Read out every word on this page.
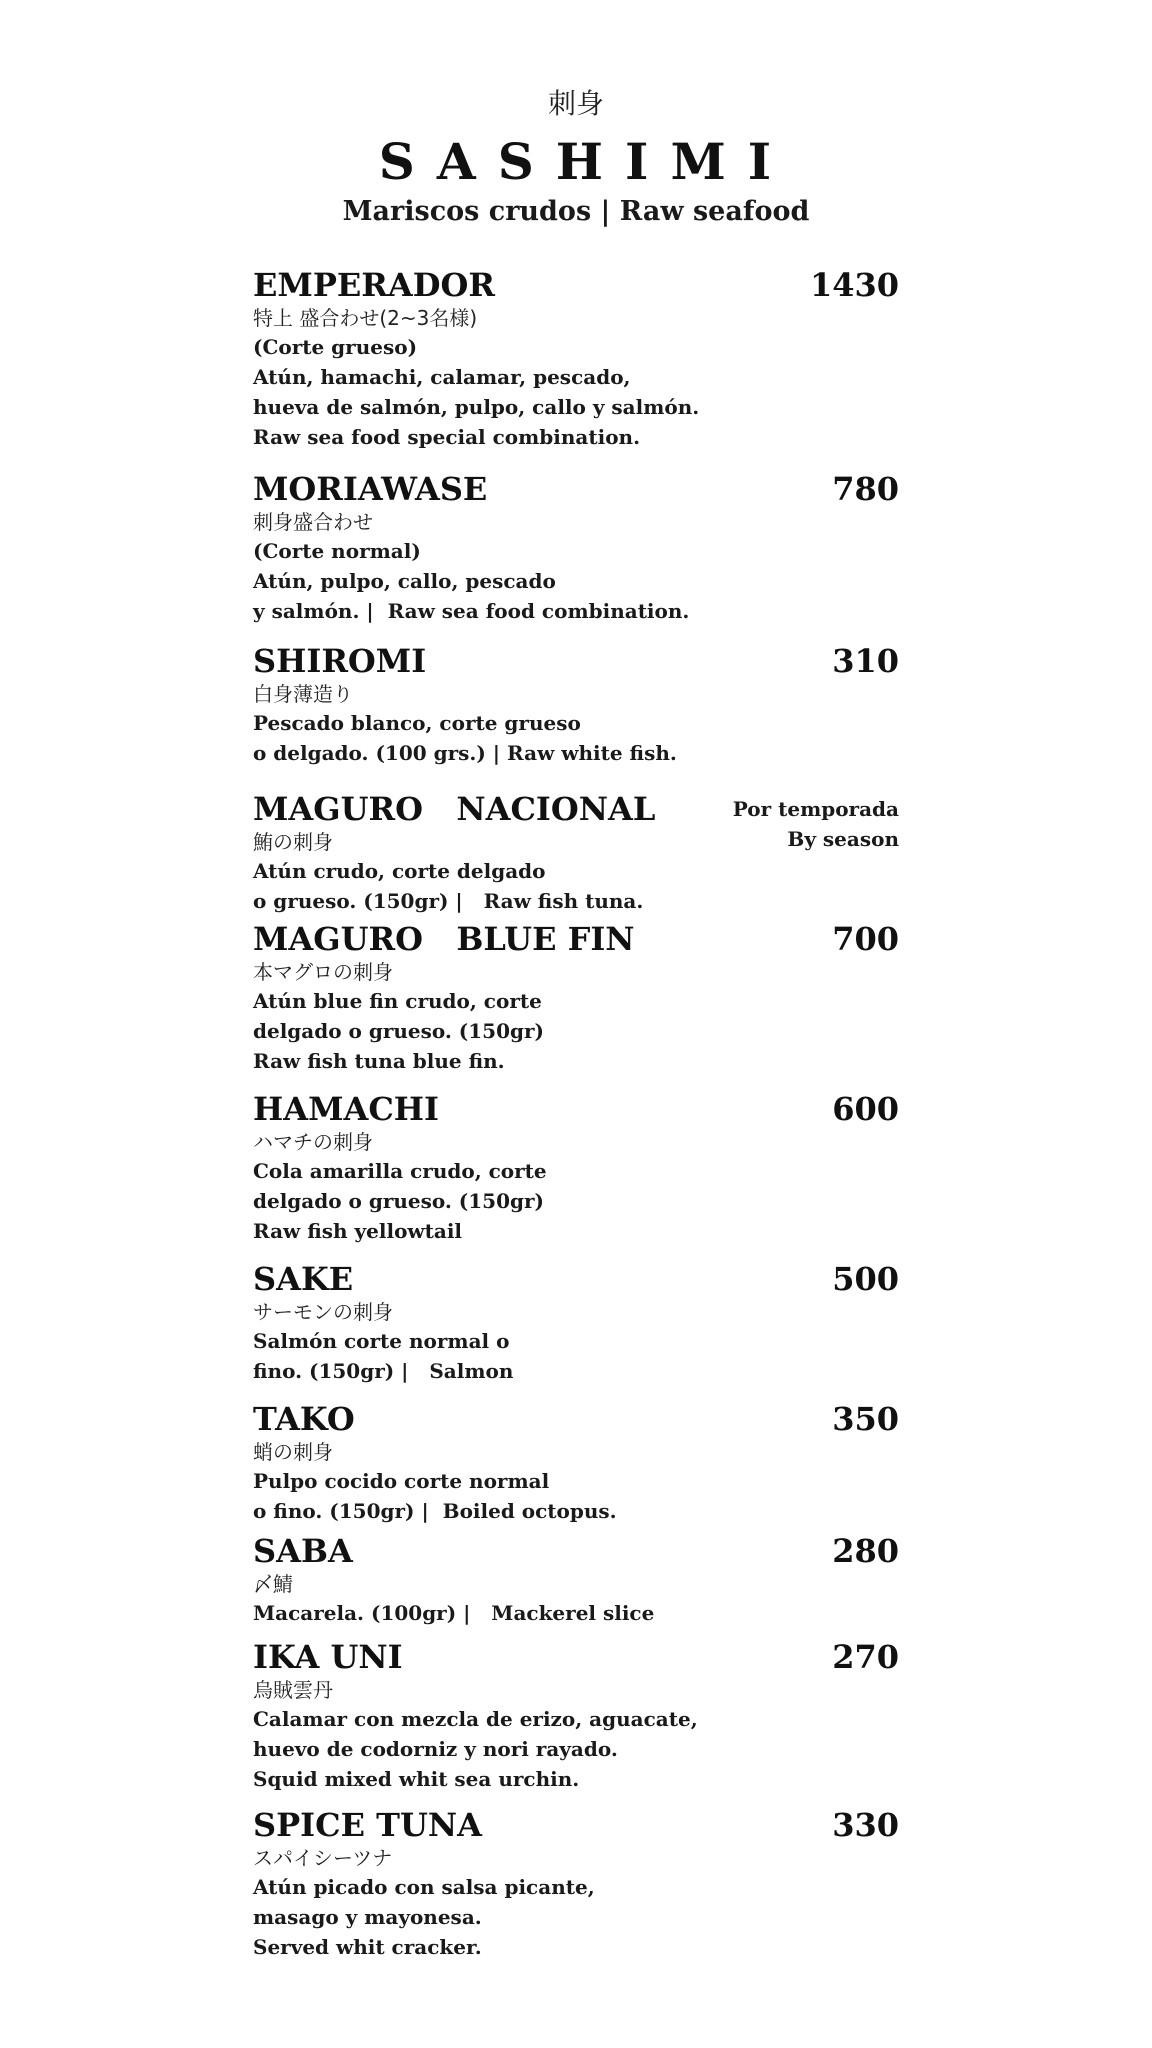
刺身
SASHIMI
Mariscos crudos | Raw seafood
EMPERADOR	1430
特上 盛合わせ(2~3名様)
(Corte grueso)
Atún, hamachi, calamar, pescado,
hueva de salmón, pulpo, callo y salmón.
Raw sea food special combination.
MORIAWASE	780
刺身盛合わせ
(Corte normal)
Atún, pulpo, callo, pescado
y salmón. |  Raw sea food combination.
SHIROMI	310
白身薄造り
Pescado blanco, corte grueso
o delgado. (100 grs.) | Raw white fish.
MAGURO   NACIONAL	Por temporada
By season
鮪の刺身
Atún crudo, corte delgado
o grueso. (150gr) |   Raw fish tuna.
MAGURO   BLUE FIN	700
本マグロの刺身
Atún blue fin crudo, corte
delgado o grueso. (150gr)
Raw fish tuna blue fin.
HAMACHI	600
ハマチの刺身
Cola amarilla crudo, corte
delgado o grueso. (150gr)
Raw fish yellowtail
SAKE	500
サーモンの刺身
Salmón corte normal o
fino. (150gr) |   Salmon
TAKO	350
蛸の刺身
Pulpo cocido corte normal
o fino. (150gr) |  Boiled octopus.
SABA	280
〆鯖
Macarela. (100gr) |   Mackerel slice
IKA UNI	270
烏賊雲丹
Calamar con mezcla de erizo, aguacate,
huevo de codorniz y nori rayado.
Squid mixed whit sea urchin.
SPICE TUNA	330
スパイシーツナ
Atún picado con salsa picante,
masago y mayonesa.
Served whit cracker.
